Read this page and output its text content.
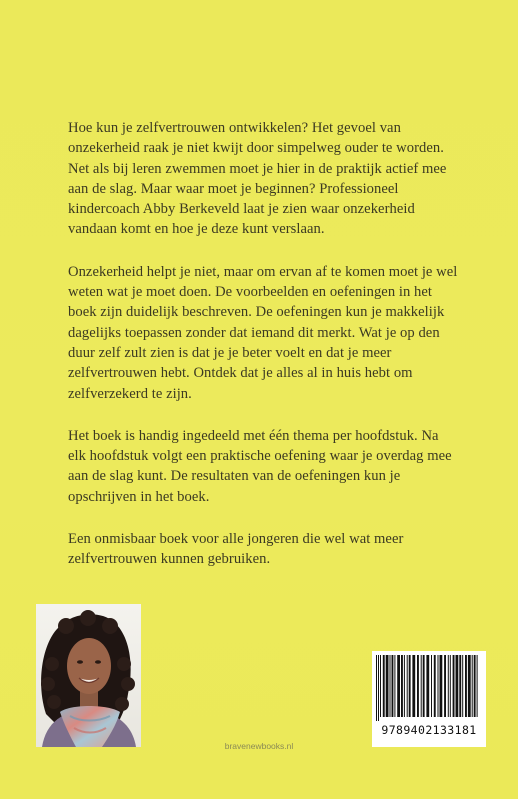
Hoe kun je zelfvertrouwen ontwikkelen? Het gevoel van onzekerheid raak je niet kwijt door simpelweg ouder te worden. Net als bij leren zwemmen moet je hier in de praktijk actief mee aan de slag. Maar waar moet je beginnen? Professioneel kindercoach Abby Berkeveld laat je zien waar onzekerheid vandaan komt en hoe je deze kunt verslaan.

Onzekerheid helpt je niet, maar om ervan af te komen moet je wel weten wat je moet doen. De voorbeelden en oefeningen in het boek zijn duidelijk beschreven. De oefeningen kun je makkelijk dagelijks toepassen zonder dat iemand dit merkt. Wat je op den duur zelf zult zien is dat je je beter voelt en dat je meer zelfvertrouwen hebt. Ontdek dat je alles al in huis hebt om zelfverzekerd te zijn.

Het boek is handig ingedeeld met één thema per hoofdstuk. Na elk hoofdstuk volgt een praktische oefening waar je overdag mee aan de slag kunt. De resultaten van de oefeningen kun je opschrijven in het boek.

Een onmisbaar boek voor alle jongeren die wel wat meer zelfvertrouwen kunnen gebruiken.

9789402133181
bravenewbooks.nl
